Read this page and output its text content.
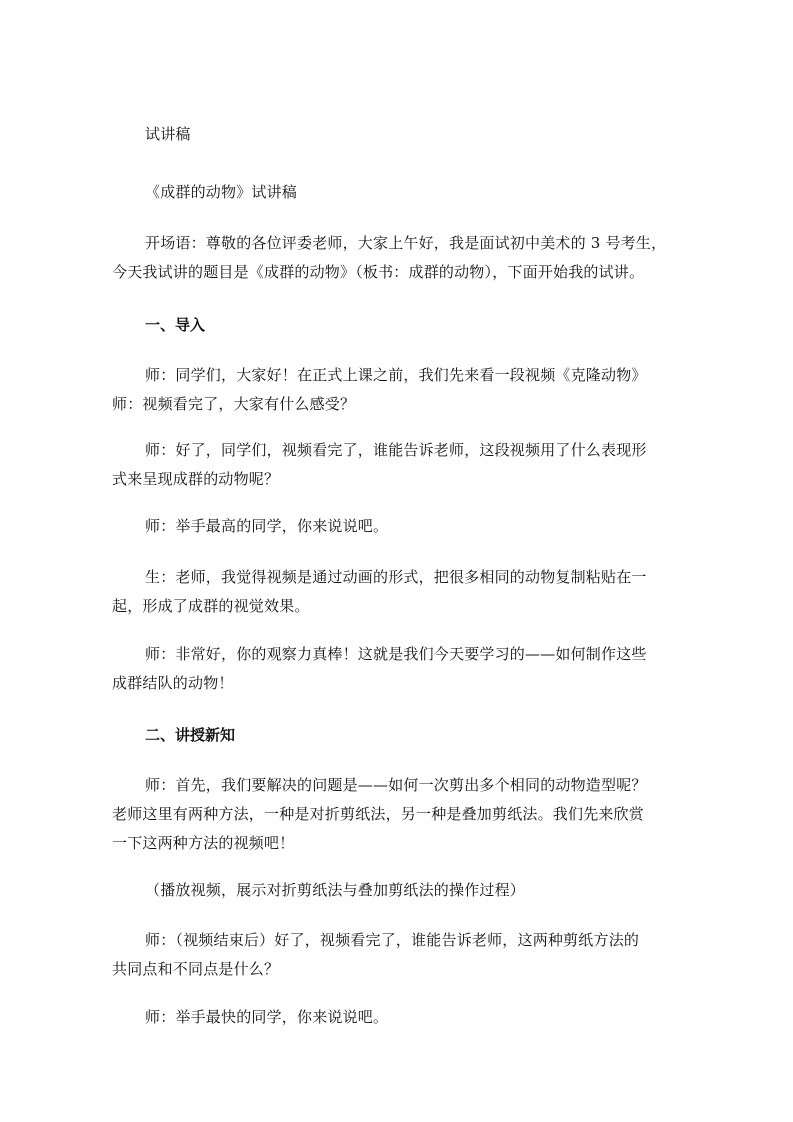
试讲稿

《成群的动物》试讲稿

开场语：尊敬的各位评委老师，大家上午好，我是面试初中美术的 3 号考生，
今天我试讲的题目是《成群的动物》（板书：成群的动物），下面开始我的试讲。

一、导入

师：同学们，大家好！在正式上课之前，我们先来看一段视频《克隆动物》
师：视频看完了，大家有什么感受？

师：好了，同学们，视频看完了，谁能告诉老师，这段视频用了什么表现形
式来呈现成群的动物呢？

师：举手最高的同学，你来说说吧。

生：老师，我觉得视频是通过动画的形式，把很多相同的动物复制粘贴在一
起，形成了成群的视觉效果。

师：非常好，你的观察力真棒！这就是我们今天要学习的——如何制作这些
成群结队的动物！

二、讲授新知

师：首先，我们要解决的问题是——如何一次剪出多个相同的动物造型呢？
老师这里有两种方法，一种是对折剪纸法，另一种是叠加剪纸法。我们先来欣赏
一下这两种方法的视频吧！

（播放视频，展示对折剪纸法与叠加剪纸法的操作过程）

师：（视频结束后）好了，视频看完了，谁能告诉老师，这两种剪纸方法的
共同点和不同点是什么？

师：举手最快的同学，你来说说吧。
